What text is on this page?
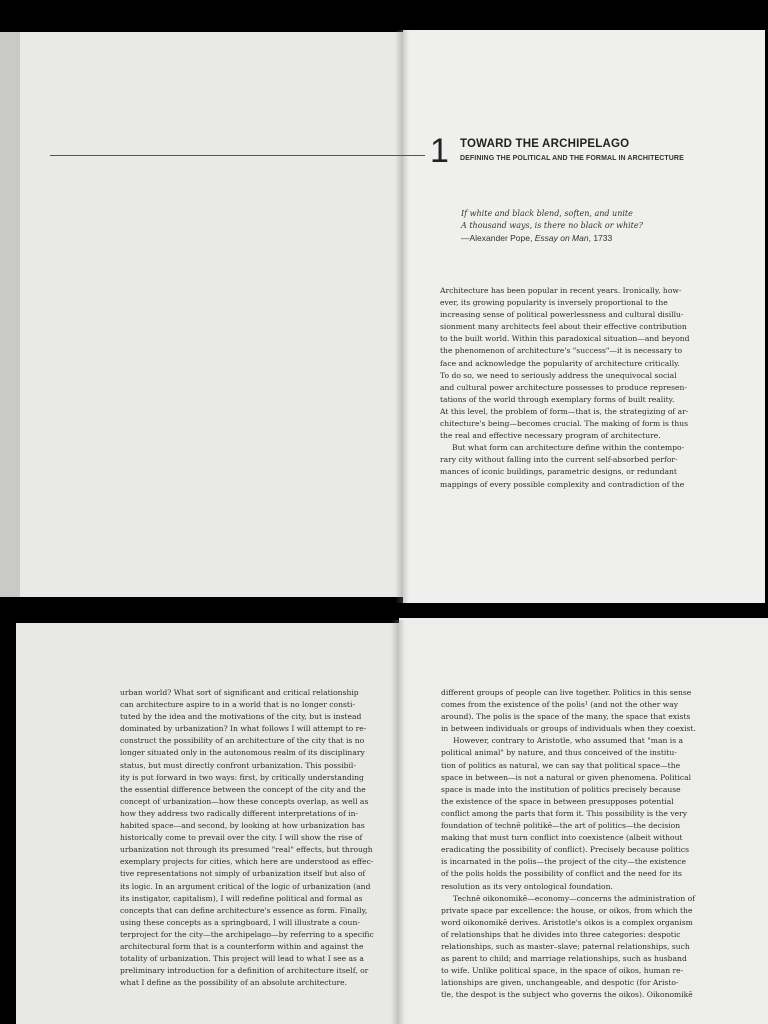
1 TOWARD THE ARCHIPELAGO
DEFINING THE POLITICAL AND THE FORMAL IN ARCHITECTURE
If white and black blend, soften, and unite
A thousand ways, is there no black or white?
—Alexander Pope, Essay on Man, 1733
Architecture has been popular in recent years. Ironically, how-
ever, its growing popularity is inversely proportional to the
increasing sense of political powerlessness and cultural disillu-
sionment many architects feel about their effective contribution
to the built world. Within this paradoxical situation—and beyond
the phenomenon of architecture's "success"—it is necessary to
face and acknowledge the popularity of architecture critically.
To do so, we need to seriously address the unequivocal social
and cultural power architecture possesses to produce represen-
tations of the world through exemplary forms of built reality.
At this level, the problem of form—that is, the strategizing of ar-
chitecture's being—becomes crucial. The making of form is thus
the real and effective necessary program of architecture.
But what form can architecture define within the contempo-
rary city without falling into the current self-absorbed perfor-
mances of iconic buildings, parametric designs, or redundant
mappings of every possible complexity and contradiction of the
urban world? What sort of significant and critical relationship
can architecture aspire to in a world that is no longer consti-
tuted by the idea and the motivations of the city, but is instead
dominated by urbanization? In what follows I will attempt to re-
construct the possibility of an architecture of the city that is no
longer situated only in the autonomous realm of its disciplinary
status, but must directly confront urbanization. This possibil-
ity is put forward in two ways: first, by critically understanding
the essential difference between the concept of the city and the
concept of urbanization—how these concepts overlap, as well as
how they address two radically different interpretations of in-
habited space—and second, by looking at how urbanization has
historically come to prevail over the city. I will show the rise of
urbanization not through its presumed "real" effects, but through
exemplary projects for cities, which here are understood as effec-
tive representations not simply of urbanization itself but also of
its logic. In an argument critical of the logic of urbanization (and
its instigator, capitalism), I will redefine political and formal as
concepts that can define architecture's essence as form. Finally,
using these concepts as a springboard, I will illustrate a coun-
terproject for the city—the archipelago—by referring to a specific
architectural form that is a counterform within and against the
totality of urbanization. This project will lead to what I see as a
preliminary introduction for a definition of architecture itself, or
what I define as the possibility of an absolute architecture.
different groups of people can live together. Politics in this sense
comes from the existence of the polis¹ (and not the other way
around). The polis is the space of the many, the space that exists
in between individuals or groups of individuals when they coexist.
However, contrary to Aristotle, who assumed that "man is a
political animal" by nature, and thus conceived of the institu-
tion of politics as natural, we can say that political space—the
space in between—is not a natural or given phenomena. Political
space is made into the institution of politics precisely because
the existence of the space in between presupposes potential
conflict among the parts that form it. This possibility is the very
foundation of technē politikē—the art of politics—the decision
making that must turn conflict into coexistence (albeit without
eradicating the possibility of conflict). Precisely because politics
is incarnated in the polis—the project of the city—the existence
of the polis holds the possibility of conflict and the need for its
resolution as its very ontological foundation.
Technē oikonomikē—economy—concerns the administration of
private space par excellence: the house, or oikos, from which the
word oikonomikē derives. Aristotle's oikos is a complex organism
of relationships that he divides into three categories: despotic
relationships, such as master–slave; paternal relationships, such
as parent to child; and marriage relationships, such as husband
to wife. Unlike political space, in the space of oikos, human re-
lationships are given, unchangeable, and despotic (for Aristo-
tle, the despot is the subject who governs the oikos). Oikonomikē
